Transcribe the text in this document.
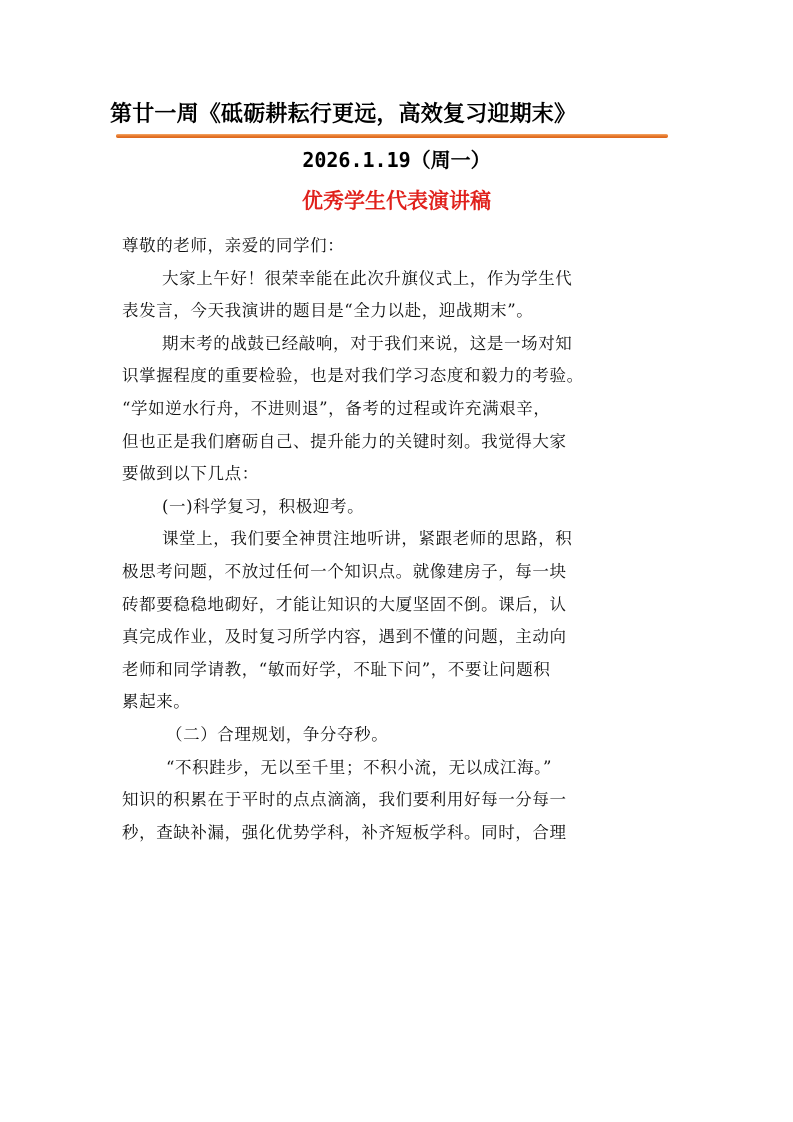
第廿一周《砥砺耕耘行更远，高效复习迎期末》
2026.1.19（周一）
优秀学生代表演讲稿
尊敬的老师，亲爱的同学们：
大家上午好！很荣幸能在此次升旗仪式上，作为学生代
表发言，今天我演讲的题目是“全力以赴，迎战期末”。
期末考的战鼓已经敲响，对于我们来说，这是一场对知
识掌握程度的重要检验，也是对我们学习态度和毅力的考验。
“学如逆水行舟，不进则退”，备考的过程或许充满艰辛，
但也正是我们磨砺自己、提升能力的关键时刻。我觉得大家
要做到以下几点：
(一)科学复习，积极迎考。
课堂上，我们要全神贯注地听讲，紧跟老师的思路，积
极思考问题，不放过任何一个知识点。就像建房子，每一块
砖都要稳稳地砌好，才能让知识的大厦坚固不倒。课后，认
真完成作业，及时复习所学内容，遇到不懂的问题，主动向
老师和同学请教，“敏而好学，不耻下问”，不要让问题积
累起来。
（二）合理规划，争分夺秒。
“不积跬步，无以至千里；不积小流，无以成江海。”
知识的积累在于平时的点点滴滴，我们要利用好每一分每一
秒，查缺补漏，强化优势学科，补齐短板学科。同时，合理
